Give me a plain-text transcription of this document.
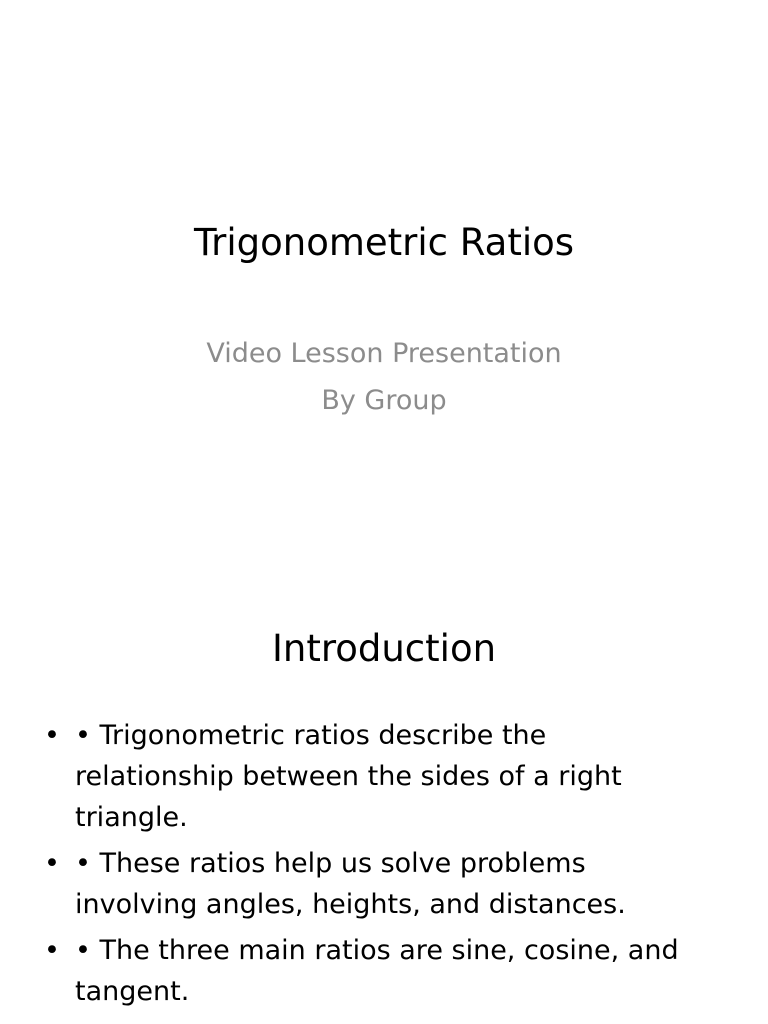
Trigonometric Ratios
Video Lesson Presentation
By Group
Introduction
• • Trigonometric ratios describe the relationship between the sides of a right triangle.
• • These ratios help us solve problems involving angles, heights, and distances.
• • The three main ratios are sine, cosine, and tangent.
